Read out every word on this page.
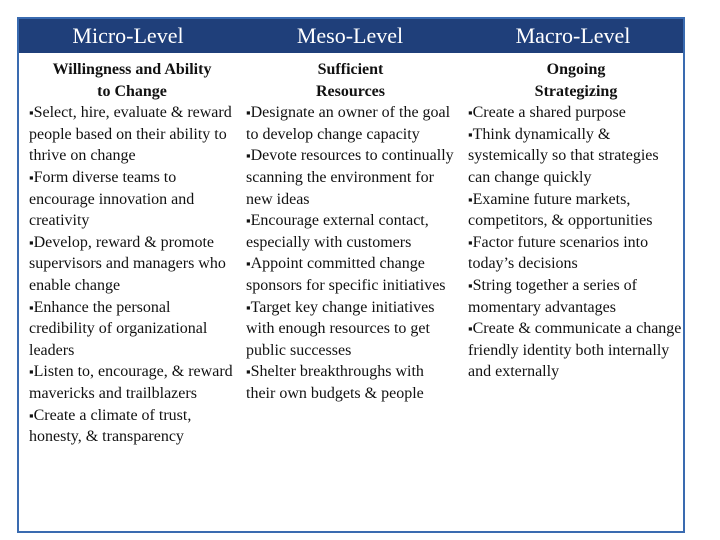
Micro-Level	Meso-Level	Macro-Level
Willingness and Ability
to Change
▪Select, hire, evaluate & reward people based on their ability to thrive on change
▪Form diverse teams to encourage innovation and creativity
▪Develop, reward & promote supervisors and managers who enable change
▪Enhance the personal credibility of organizational leaders
▪Listen to, encourage, & reward mavericks and trailblazers
▪Create a climate of trust, honesty, & transparency
Sufficient
Resources
▪Designate an owner of the goal to develop change capacity
▪Devote resources to continually scanning the environment for new ideas
▪Encourage external contact, especially with customers
▪Appoint committed change sponsors for specific initiatives
▪Target key change initiatives with enough resources to get public successes
▪Shelter breakthroughs with their own budgets & people
Ongoing
Strategizing
▪Create a shared purpose
▪Think dynamically & systemically so that strategies can change quickly
▪Examine future markets, competitors, & opportunities
▪Factor future scenarios into today’s decisions
▪String together a series of momentary advantages
▪Create & communicate a change friendly identity both internally and externally
